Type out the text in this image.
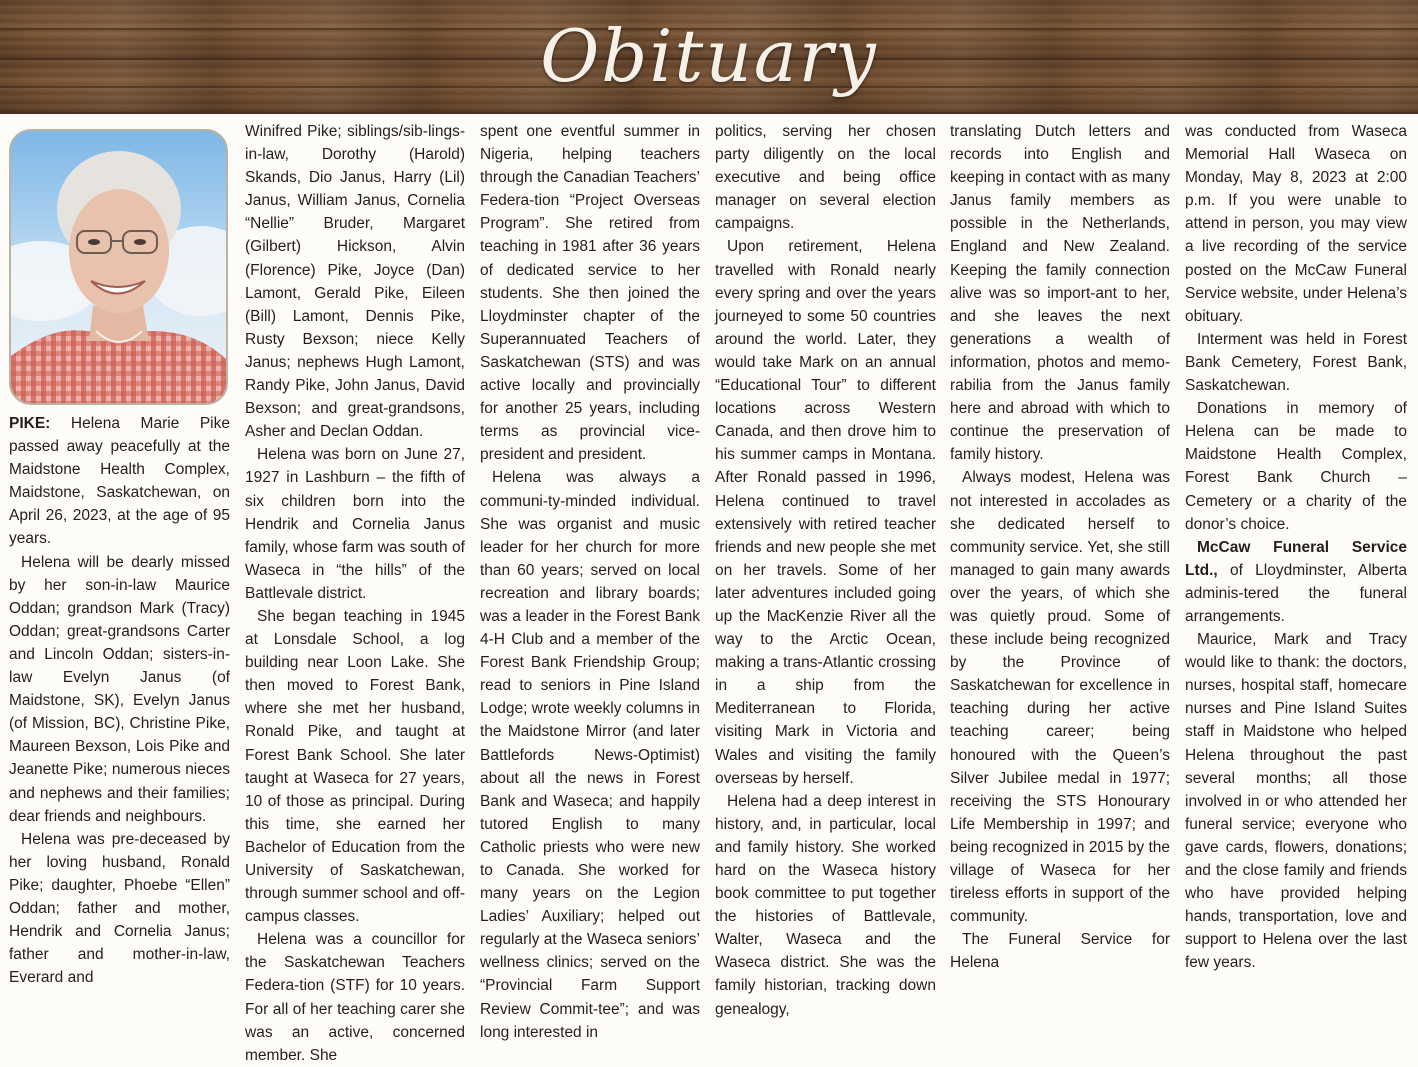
Obituary

PIKE: Helena Marie Pike passed away peacefully at the Maidstone Health Complex, Maidstone, Saskatchewan, on April 26, 2023, at the age of 95 years.

Helena will be dearly missed by her son-in-law Maurice Oddan; grandson Mark (Tracy) Oddan; great-grandsons Carter and Lincoln Oddan; sisters-in-law Evelyn Janus (of Maidstone, SK), Evelyn Janus (of Mission, BC), Christine Pike, Maureen Bexson, Lois Pike and Jeanette Pike; numerous nieces and nephews and their families; dear friends and neighbours.

Helena was pre-deceased by her loving husband, Ronald Pike; daughter, Phoebe “Ellen” Oddan; father and mother, Hendrik and Cornelia Janus; father and mother-in-law, Everard and

Winifred Pike; siblings/sib-lings-in-law, Dorothy (Harold) Skands, Dio Janus, Harry (Lil) Janus, William Janus, Cornelia “Nellie” Bruder, Margaret (Gilbert) Hickson, Alvin (Florence) Pike, Joyce (Dan) Lamont, Gerald Pike, Eileen (Bill) Lamont, Dennis Pike, Rusty Bexson; niece Kelly Janus; nephews Hugh Lamont, Randy Pike, John Janus, David Bexson; and great-grandsons, Asher and Declan Oddan.

Helena was born on June 27, 1927 in Lashburn – the fifth of six children born into the Hendrik and Cornelia Janus family, whose farm was south of Waseca in “the hills” of the Battlevale district.

She began teaching in 1945 at Lonsdale School, a log building near Loon Lake. She then moved to Forest Bank, where she met her husband, Ronald Pike, and taught at Forest Bank School. She later taught at Waseca for 27 years, 10 of those as principal. During this time, she earned her Bachelor of Education from the University of Saskatchewan, through summer school and off-campus classes.

Helena was a councillor for the Saskatchewan Teachers Federa-tion (STF) for 10 years. For all of her teaching carer she was an active, concerned member. She

spent one eventful summer in Nigeria, helping teachers through the Canadian Teachers’ Federa-tion “Project Overseas Program”. She retired from teaching in 1981 after 36 years of dedicated service to her students. She then joined the Lloydminster chapter of the Superannuated Teachers of Saskatchewan (STS) and was active locally and provincially for another 25 years, including terms as provincial vice-president and president.

Helena was always a communi-ty-minded individual. She was organist and music leader for her church for more than 60 years; served on local recreation and library boards; was a leader in the Forest Bank 4-H Club and a member of the Forest Bank Friendship Group; read to seniors in Pine Island Lodge; wrote weekly columns in the Maidstone Mirror (and later Battlefords News-Optimist) about all the news in Forest Bank and Waseca; and happily tutored English to many Catholic priests who were new to Canada. She worked for many years on the Legion Ladies’ Auxiliary; helped out regularly at the Waseca seniors’ wellness clinics; served on the “Provincial Farm Support Review Commit-tee”; and was long interested in

politics, serving her chosen party diligently on the local executive and being office manager on several election campaigns.

Upon retirement, Helena travelled with Ronald nearly every spring and over the years journeyed to some 50 countries around the world. Later, they would take Mark on an annual “Educational Tour” to different locations across Western Canada, and then drove him to his summer camps in Montana. After Ronald passed in 1996, Helena continued to travel extensively with retired teacher friends and new people she met on her travels. Some of her later adventures included going up the MacKenzie River all the way to the Arctic Ocean, making a trans-Atlantic crossing in a ship from the Mediterranean to Florida, visiting Mark in Victoria and Wales and visiting the family overseas by herself.

Helena had a deep interest in history, and, in particular, local and family history. She worked hard on the Waseca history book committee to put together the histories of Battlevale, Walter, Waseca and the Waseca district. She was the family historian, tracking down genealogy,

translating Dutch letters and records into English and keeping in contact with as many Janus family members as possible in the Netherlands, England and New Zealand. Keeping the family connection alive was so import-ant to her, and she leaves the next generations a wealth of information, photos and memo-rabilia from the Janus family here and abroad with which to continue the preservation of family history.

Always modest, Helena was not interested in accolades as she dedicated herself to community service. Yet, she still managed to gain many awards over the years, of which she was quietly proud. Some of these include being recognized by the Province of Saskatchewan for excellence in teaching during her active teaching career; being honoured with the Queen’s Silver Jubilee medal in 1977; receiving the STS Honourary Life Membership in 1997; and being recognized in 2015 by the village of Waseca for her tireless efforts in support of the community.

The Funeral Service for Helena

was conducted from Waseca Memorial Hall Waseca on Monday, May 8, 2023 at 2:00 p.m. If you were unable to attend in person, you may view a live recording of the service posted on the McCaw Funeral Service website, under Helena’s obituary.

Interment was held in Forest Bank Cemetery, Forest Bank, Saskatchewan.

Donations in memory of Helena can be made to Maidstone Health Complex, Forest Bank Church – Cemetery or a charity of the donor’s choice.

McCaw Funeral Service Ltd., of Lloydminster, Alberta adminis-tered the funeral arrangements.

Maurice, Mark and Tracy would like to thank: the doctors, nurses, hospital staff, homecare nurses and Pine Island Suites staff in Maidstone who helped Helena throughout the past several months; all those involved in or who attended her funeral service; everyone who gave cards, flowers, donations; and the close family and friends who have provided helping hands, transportation, love and support to Helena over the last few years.
